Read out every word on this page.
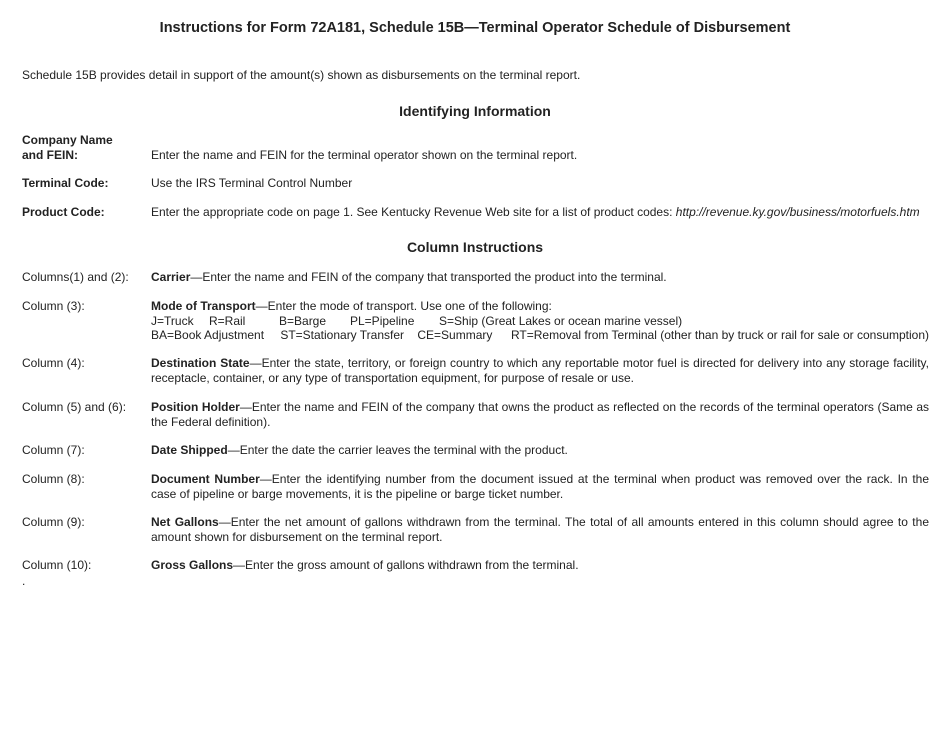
Instructions for Form 72A181, Schedule 15B—Terminal Operator Schedule of Disbursement
Schedule 15B provides detail in support of the amount(s) shown as disbursements on the terminal report.
Identifying Information
Company Name
and FEIN:	Enter the name and FEIN for the terminal operator shown on the terminal report.
Terminal Code:	Use the IRS Terminal Control Number
Product Code:	Enter the appropriate code on page 1. See Kentucky Revenue Web site for a list of product codes: http://revenue.ky.gov/business/motorfuels.htm
Column Instructions
Columns(1) and (2):	Carrier—Enter the name and FEIN of the company that transported the product into the terminal.
Column (3):	Mode of Transport—Enter the mode of transport. Use one of the following:
J=Truck	R=Rail	B=Barge	PL=Pipeline	S=Ship (Great Lakes or ocean marine vessel)
BA=Book Adjustment	ST=Stationary Transfer	CE=Summary	RT=Removal from Terminal (other than by truck or rail for sale or consumption)
Column (4):	Destination State—Enter the state, territory, or foreign country to which any reportable motor fuel is directed for delivery into any storage facility, receptacle, container, or any type of transportation equipment, for purpose of resale or use.
Column (5) and (6):	Position Holder—Enter the name and FEIN of the company that owns the product as reflected on the records of the terminal operators (Same as the Federal definition).
Column (7):	Date Shipped—Enter the date the carrier leaves the terminal with the product.
Column (8):	Document Number—Enter the identifying number from the document issued at the terminal when product was removed over the rack. In the case of pipeline or barge movements, it is the pipeline or barge ticket number.
Column (9):	Net Gallons—Enter the net amount of gallons withdrawn from the terminal. The total of all amounts entered in this column should agree to the amount shown for disbursement on the terminal report.
Column (10):	Gross Gallons—Enter the gross amount of gallons withdrawn from the terminal.
.
